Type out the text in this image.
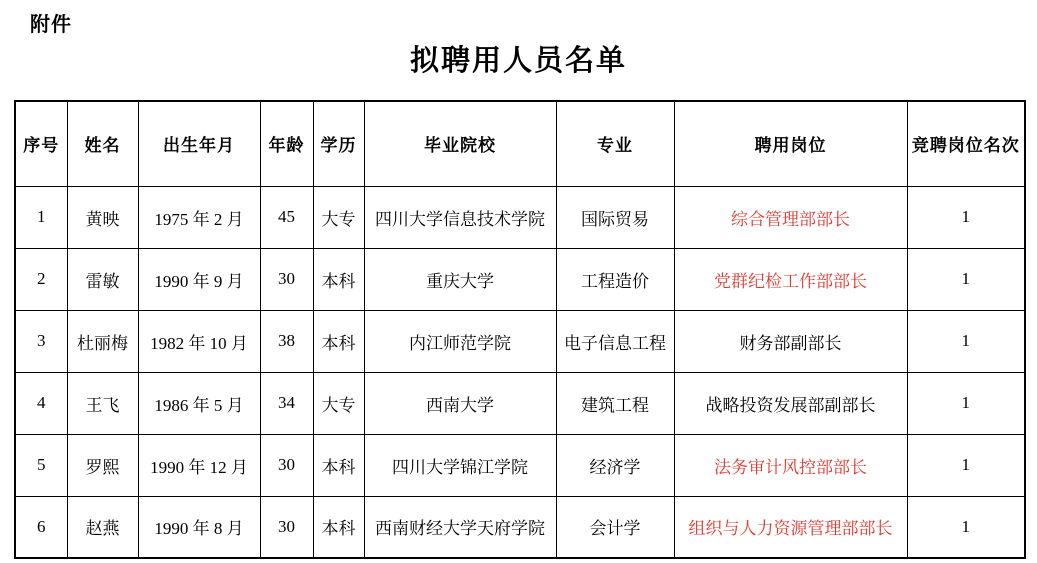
附件
拟聘用人员名单
序号	姓名	出生年月	年龄	学历	毕业院校	专业	聘用岗位	竞聘岗位名次
1	黄映	1975 年 2 月	45	大专	四川大学信息技术学院	国际贸易	综合管理部部长	1
2	雷敏	1990 年 9 月	30	本科	重庆大学	工程造价	党群纪检工作部部长	1
3	杜丽梅	1982 年 10 月	38	本科	内江师范学院	电子信息工程	财务部副部长	1
4	王飞	1986 年 5 月	34	大专	西南大学	建筑工程	战略投资发展部副部长	1
5	罗熙	1990 年 12 月	30	本科	四川大学锦江学院	经济学	法务审计风控部部长	1
6	赵燕	1990 年 8 月	30	本科	西南财经大学天府学院	会计学	组织与人力资源管理部部长	1
